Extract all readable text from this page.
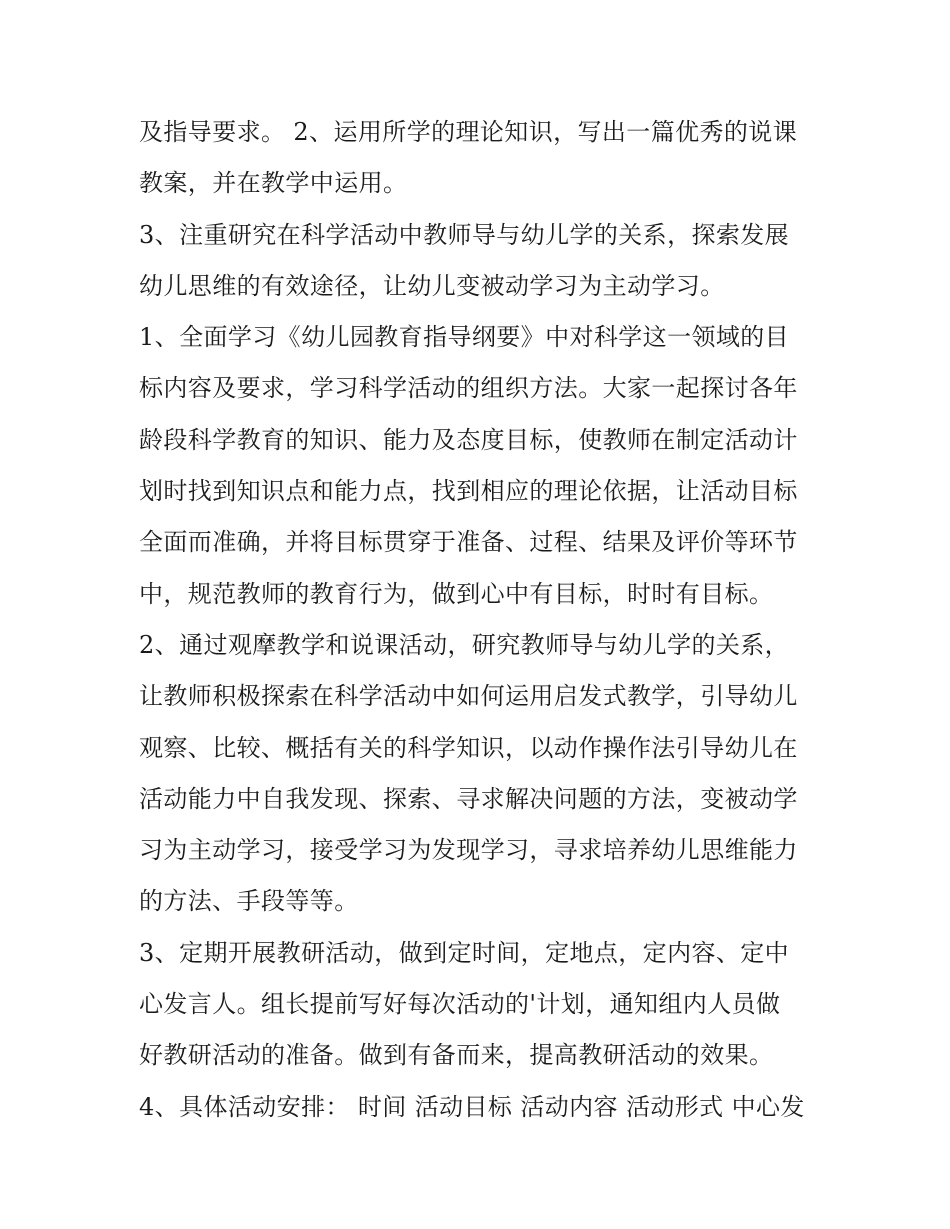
及指导要求。 2、运用所学的理论知识，写出一篇优秀的说课
教案，并在教学中运用。
3、注重研究在科学活动中教师导与幼儿学的关系，探索发展
幼儿思维的有效途径，让幼儿变被动学习为主动学习。
1、全面学习《幼儿园教育指导纲要》中对科学这一领域的目
标内容及要求，学习科学活动的组织方法。大家一起探讨各年
龄段科学教育的知识、能力及态度目标，使教师在制定活动计
划时找到知识点和能力点，找到相应的理论依据，让活动目标
全面而准确，并将目标贯穿于准备、过程、结果及评价等环节
中，规范教师的教育行为，做到心中有目标，时时有目标。
2、通过观摩教学和说课活动，研究教师导与幼儿学的关系，
让教师积极探索在科学活动中如何运用启发式教学，引导幼儿
观察、比较、概括有关的科学知识，以动作操作法引导幼儿在
活动能力中自我发现、探索、寻求解决问题的方法，变被动学
习为主动学习，接受学习为发现学习，寻求培养幼儿思维能力
的方法、手段等等。
3、定期开展教研活动，做到定时间，定地点，定内容、定中
心发言人。组长提前写好每次活动的'计划，通知组内人员做
好教研活动的准备。做到有备而来，提高教研活动的效果。
4、具体活动安排： 时间 活动目标 活动内容 活动形式 中心发
